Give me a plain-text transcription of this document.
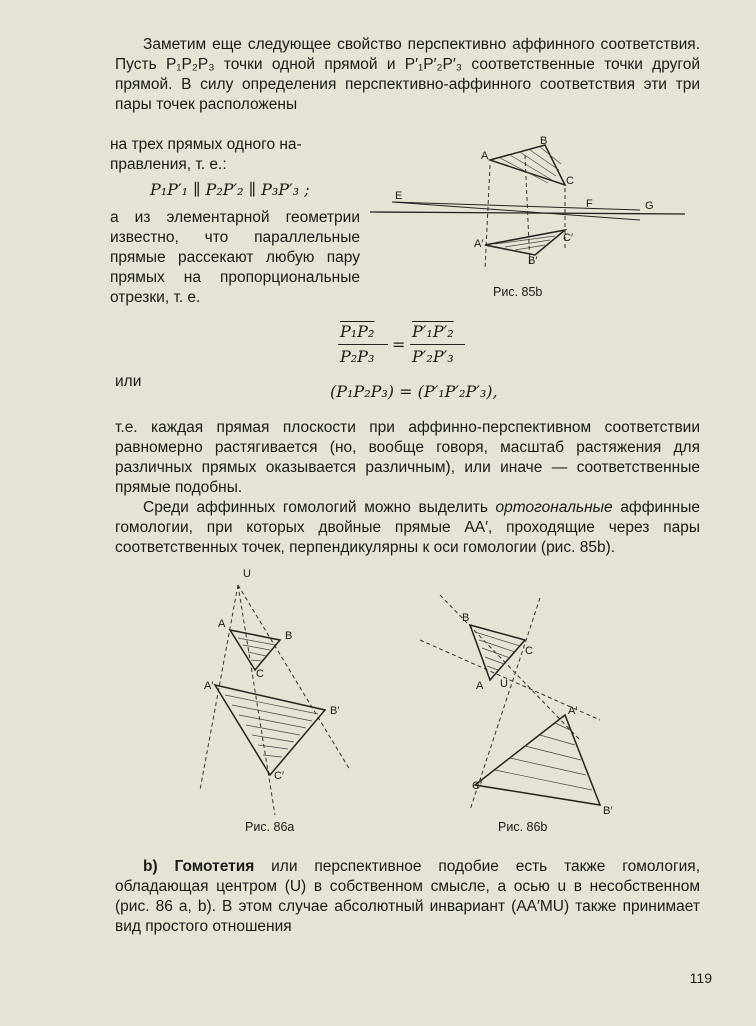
Заметим еще следующее свойство перспективно аффинного соответствия. Пусть P₁P₂P₃ точки одной прямой и P′₁P′₂P′₃ соответственные точки другой прямой. В силу определения перспективно-аффинного соответствия эти три пары точек расположены

на трех прямых одного на-

правления, т. е.:

P₁P′₁ ∥ P₂P′₂ ∥ P₃P′₃ ;

а из элементарной геометрии известно, что параллельные прямые рассекают любую пару прямых на пропорциональные отрезки, т. е.

A
B
C
E
F	G
A′
B′
C′
Рис. 85b
P₁P₂
P₂P₃
=
P′₁P′₂
P′₂P′₃

или

(P₁P₂P₃) = (P′₁P′₂P′₃),

т.е. каждая прямая плоскости при аффинно-перспективном соответствии равномерно растягивается (но, вообще говоря, масштаб растяжения для различных прямых оказывается различным), или иначе — соответственные прямые подобны.

Среди аффинных гомологий можно выделить ортогональные аффинные гомологии, при которых двойные прямые AA′, проходящие через пары соответственных точек, перпендикулярны к оси гомологии (рис. 85b).

U
A
B
C
A′
B′
C′
Рис. 86а
U
B
C
A
A′
C′
B′
Рис. 86b

b) Гомотетия или перспективное подобие есть также гомология, обладающая центром (U) в собственном смысле, а осью u в несобственном (рис. 86 a, b). В этом случае абсолютный инвариант (AA′MU) также принимает вид простого отношения

119
